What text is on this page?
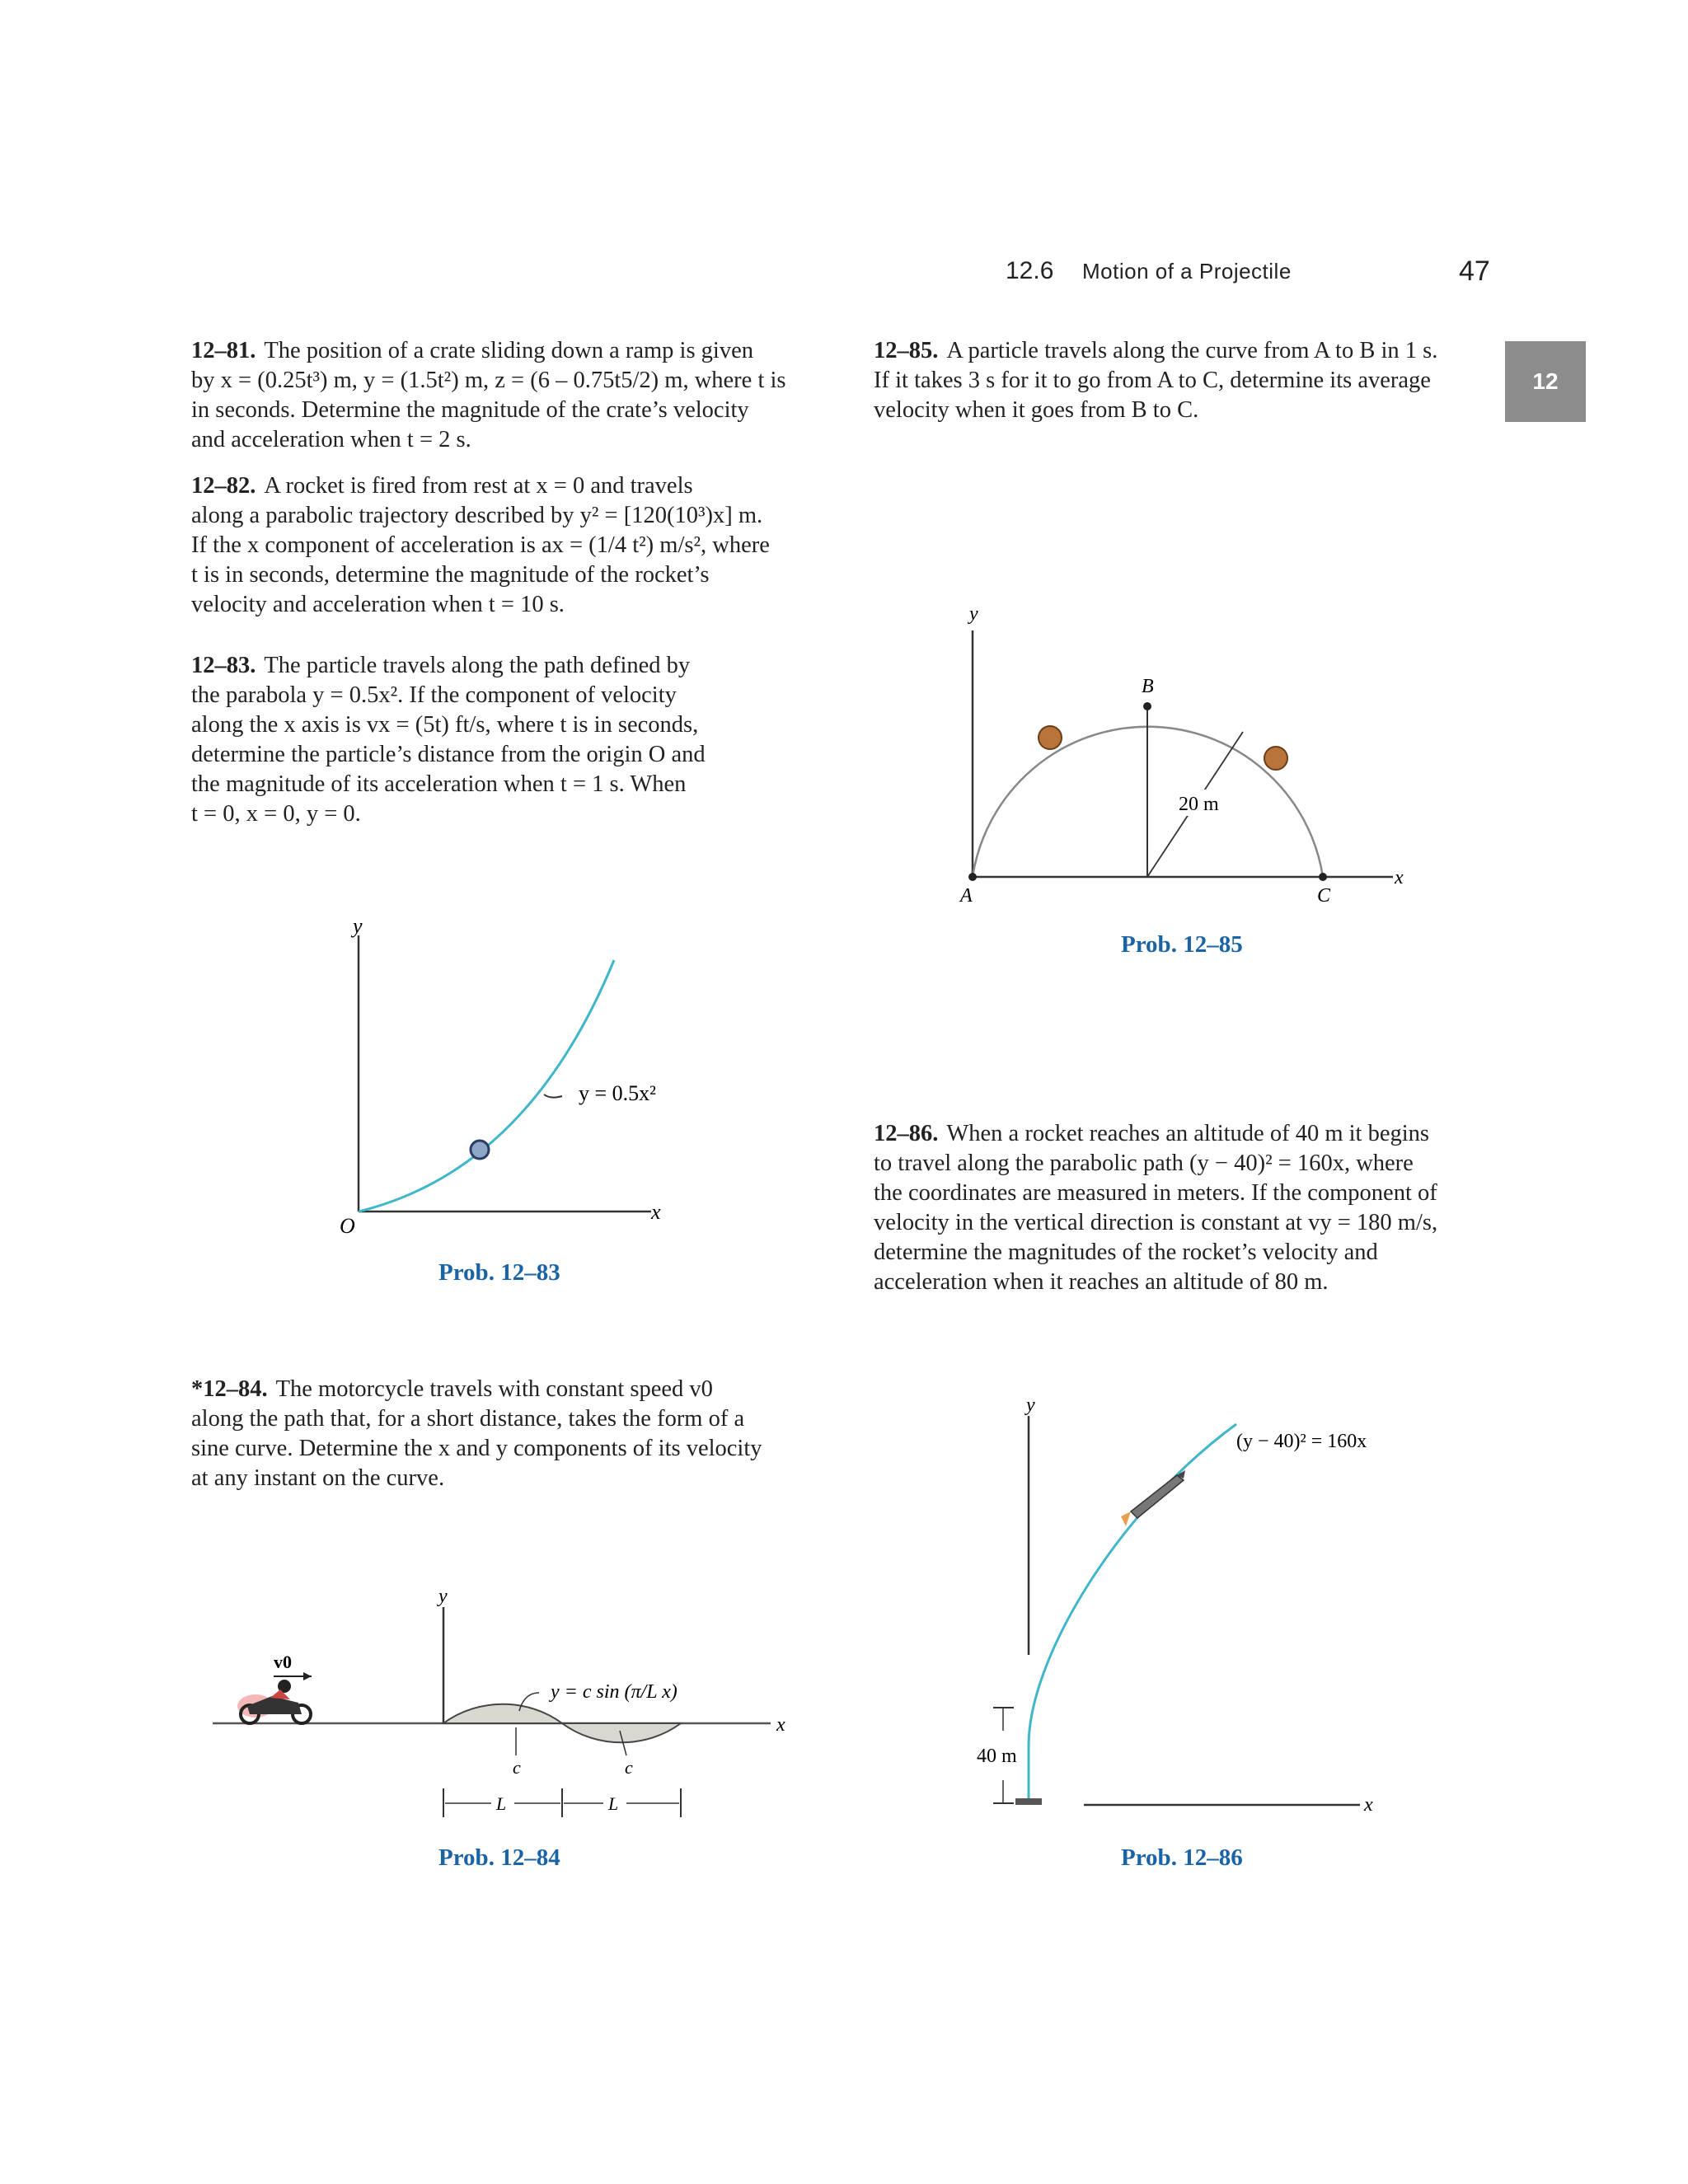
12.6 Motion of a Projectile	47
12
12–81. The position of a crate sliding down a ramp is given
by x = (0.25t³) m, y = (1.5t²) m, z = (6 – 0.75t5/2) m, where t is
in seconds. Determine the magnitude of the crate’s velocity
and acceleration when t = 2 s.
12–82. A rocket is fired from rest at x = 0 and travels
along a parabolic trajectory described by y² = [120(10³)x] m.
If the x component of acceleration is ax = (1/4 t²) m/s², where
t is in seconds, determine the magnitude of the rocket’s
velocity and acceleration when t = 10 s.
12–83. The particle travels along the path defined by
the parabola y = 0.5x². If the component of velocity
along the x axis is vx = (5t) ft/s, where t is in seconds,
determine the particle’s distance from the origin O and
the magnitude of its acceleration when t = 1 s. When
t = 0, x = 0, y = 0.
*12–84. The motorcycle travels with constant speed v0
along the path that, for a short distance, takes the form of a
sine curve. Determine the x and y components of its velocity
at any instant on the curve.
12–85. A particle travels along the curve from A to B in 1 s.
If it takes 3 s for it to go from A to C, determine its average
velocity when it goes from B to C.
12–86. When a rocket reaches an altitude of 40 m it begins
to travel along the parabolic path (y − 40)² = 160x, where
the coordinates are measured in meters. If the component of
velocity in the vertical direction is constant at vy = 180 m/s,
determine the magnitudes of the rocket’s velocity and
acceleration when it reaches an altitude of 80 m.
y
x
O
y = 0.5x²
Prob. 12–83
y
x
c	c
y = c sin (π/L x)
L	L
v0
Prob. 12–84
y
x
A
B
C
20 m
Prob. 12–85
y
x
40 m
(y − 40)² = 160x
Prob. 12–86
